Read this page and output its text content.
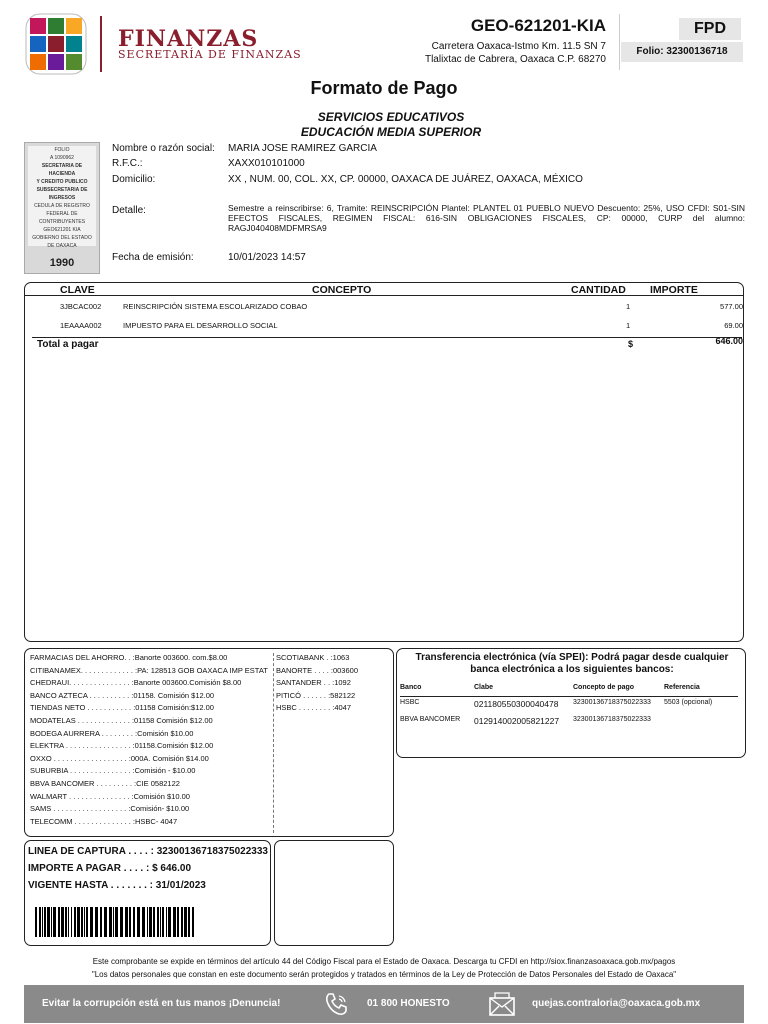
FINANZAS
SECRETARÍA DE FINANZAS
GEO-621201-KIA
Carretera Oaxaca-Istmo Km. 11.5 SN 7
Tlalixtac de Cabrera, Oaxaca C.P. 68270
FPD
Folio: 32300136718
Formato de Pago
SERVICIOS EDUCATIVOS
EDUCACIÓN MEDIA SUPERIOR
FOLIO
A 1090962
SECRETARIA DE HACIENDA
Y CREDITO PUBLICO
SUBSECRETARIA DE INGRESOS
CEDULA DE REGISTRO
FEDERAL DE CONTRIBUYENTES
GEO621201 KIA
GOBIERNO DEL ESTADO
DE OAXACA
1990
Nombre o razón social: MARIA JOSE RAMIREZ GARCIA
R.F.C.:	XAXX010101000
Domicilio:	XX , NUM. 00, COL. XX, CP. 00000, OAXACA DE JUÁREZ, OAXACA, MÉXICO
Detalle:	Semestre a reinscribirse: 6, Tramite: REINSCRIPCIÓN Plantel: PLANTEL 01 PUEBLO NUEVO Descuento: 25%, USO CFDI: S01-SIN EFECTOS FISCALES, REGIMEN FISCAL: 616-SIN OBLIGACIONES FISCALES, CP: 00000, CURP del alumno: RAGJ040408MDFMRSA9
Fecha de emisión:	10/01/2023 14:57
CLAVE	CONCEPTO	CANTIDAD IMPORTE
3JBCAC002	REINSCRIPCIÓN SISTEMA ESCOLARIZADO COBAO	1	577.00
1EAAAA002	IMPUESTO PARA EL DESARROLLO SOCIAL	1	69.00
Total a pagar	$	646.00
FARMACIAS DEL AHORRO. . :Banorte 003600. com.$8.00
CITIBANAMEX. . . . . . . . . . . . . :PA: 128513 GOB OAXACA IMP ESTAT
CHEDRAUI. . . . . . . . . . . . . . . :Banorte 003600.Comisión $8.00
BANCO AZTECA . . . . . . . . . . :01158. Comisión $12.00
TIENDAS NETO . . . . . . . . . . . :01158 Comisión:$12.00
MODATELAS . . . . . . . . . . . . . :01158 Comisión $12.00
BODEGA AURRERA . . . . . . . . :Comisión $10.00
ELEKTRA . . . . . . . . . . . . . . . . :01158.Comisión $12.00
OXXO . . . . . . . . . . . . . . . . . . :000A. Comisión $14.00
SUBURBIA . . . . . . . . . . . . . . . :Comisión - $10.00
BBVA BANCOMER . . . . . . . . . :CIE 0582122
WALMART . . . . . . . . . . . . . . . :Comisión $10.00
SAMS . . . . . . . . . . . . . . . . . . :Comisión- $10.00
TELECOMM . . . . . . . . . . . . . . :HSBC- 4047
SCOTIABANK . :1063
BANORTE . . . . :003600
SANTANDER . . :1092
PITICÓ . . . . . . :582122
HSBC . . . . . . . . :4047
Transferencia electrónica (vía SPEI): Podrá pagar desde cualquier banca electrónica a los siguientes bancos:
Banco	Clabe	Concepto de pago	Referencia
HSBC	021180550300040478 32300136718375022333 5503 (opcional)
BBVA BANCOMER 012914002005821227 32300136718375022333
LINEA DE CAPTURA . . . . : 32300136718375022333
IMPORTE A PAGAR . . . . : $ 646.00
VIGENTE HASTA . . . . . . . : 31/01/2023
Este comprobante se expide en términos del artículo 44 del Código Fiscal para el Estado de Oaxaca. Descarga tu CFDI en http://siox.finanzasoaxaca.gob.mx/pagos
"Los datos personales que constan en este documento serán protegidos y tratados en términos de la Ley de Protección de Datos Personales del Estado de Oaxaca"
Evitar la corrupción está en tus manos ¡Denuncia!	01 800 HONESTO	quejas.contraloria@oaxaca.gob.mx
